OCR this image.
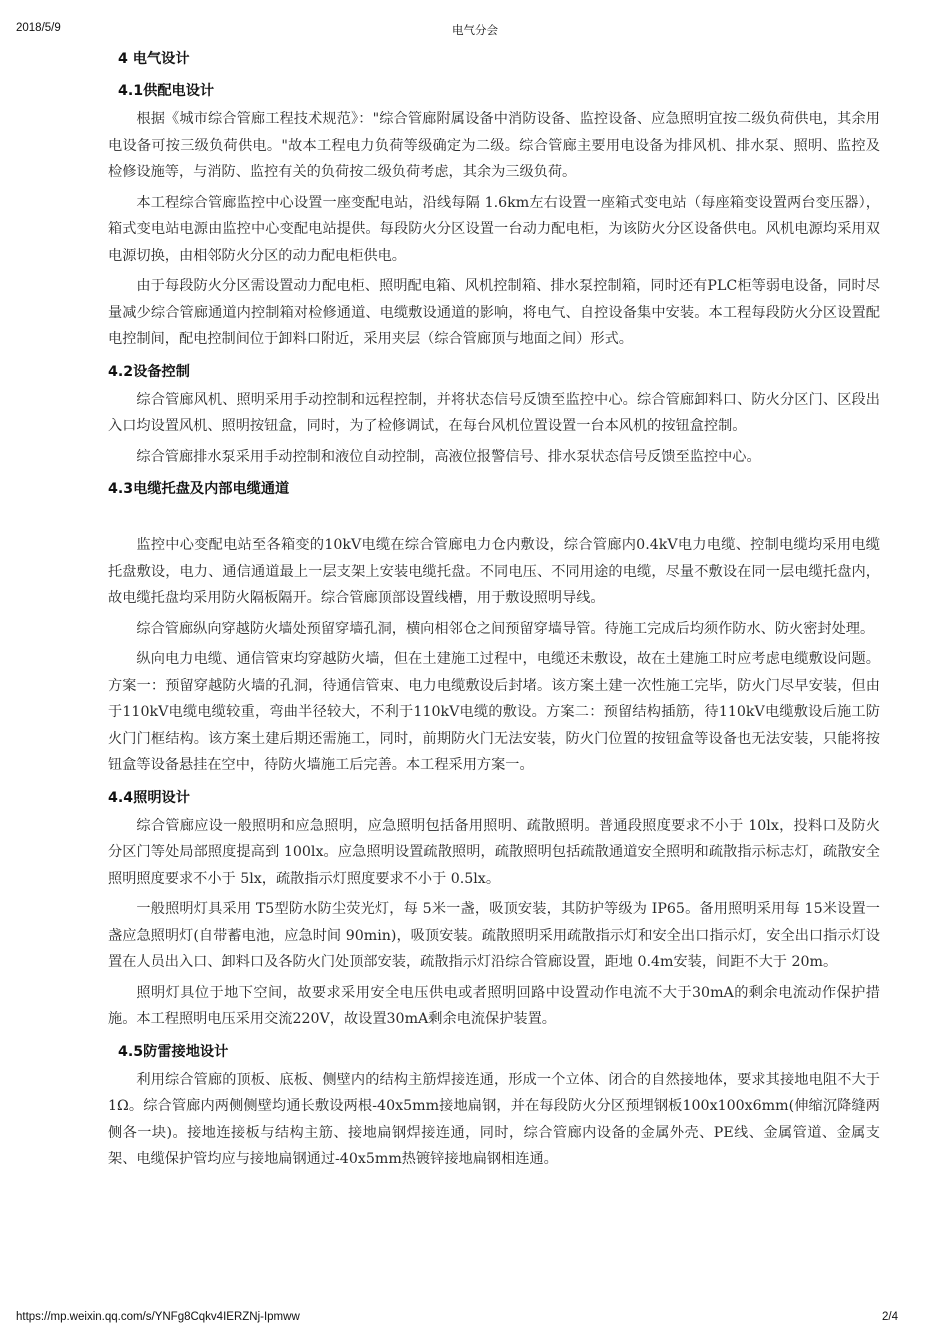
2018/5/9	电气分会
4 电气设计
4.1供配电设计

根据《城市综合管廊工程技术规范》："综合管廊附属设备中消防设备、监控设备、应急照明宜按二级负荷供电，其余用电设备可按三级负荷供电。"故本工程电力负荷等级确定为二级。综合管廊主要用电设备为排风机、排水泵、照明、监控及检修设施等，与消防、监控有关的负荷按二级负荷考虑，其余为三级负荷。

本工程综合管廊监控中心设置一座变配电站，沿线每隔 1.6km左右设置一座箱式变电站（每座箱变设置两台变压器），箱式变电站电源由监控中心变配电站提供。每段防火分区设置一台动力配电柜，为该防火分区设备供电。风机电源均采用双电源切换，由相邻防火分区的动力配电柜供电。

由于每段防火分区需设置动力配电柜、照明配电箱、风机控制箱、排水泵控制箱，同时还有PLC柜等弱电设备，同时尽量减少综合管廊通道内控制箱对检修通道、电缆敷设通道的影响，将电气、自控设备集中安装。本工程每段防火分区设置配电控制间，配电控制间位于卸料口附近，采用夹层（综合管廊顶与地面之间）形式。

4.2设备控制

综合管廊风机、照明采用手动控制和远程控制，并将状态信号反馈至监控中心。综合管廊卸料口、防火分区门、区段出入口均设置风机、照明按钮盒，同时，为了检修调试，在每台风机位置设置一台本风机的按钮盒控制。

综合管廊排水泵采用手动控制和液位自动控制，高液位报警信号、排水泵状态信号反馈至监控中心。

4.3电缆托盘及内部电缆通道

监控中心变配电站至各箱变的10kV电缆在综合管廊电力仓内敷设，综合管廊内0.4kV电力电缆、控制电缆均采用电缆托盘敷设，电力、通信通道最上一层支架上安装电缆托盘。不同电压、不同用途的电缆，尽量不敷设在同一层电缆托盘内，故电缆托盘均采用防火隔板隔开。综合管廊顶部设置线槽，用于敷设照明导线。

综合管廊纵向穿越防火墙处预留穿墙孔洞，横向相邻仓之间预留穿墙导管。待施工完成后均须作防水、防火密封处理。

纵向电力电缆、通信管束均穿越防火墙，但在土建施工过程中，电缆还未敷设，故在土建施工时应考虑电缆敷设问题。方案一：预留穿越防火墙的孔洞，待通信管束、电力电缆敷设后封堵。该方案土建一次性施工完毕，防火门尽早安装，但由于110kV电缆电缆较重，弯曲半径较大，不利于110kV电缆的敷设。方案二：预留结构插筋，待110kV电缆敷设后施工防火门门框结构。该方案土建后期还需施工，同时，前期防火门无法安装，防火门位置的按钮盒等设备也无法安装，只能将按钮盒等设备悬挂在空中，待防火墙施工后完善。本工程采用方案一。

4.4照明设计

综合管廊应设一般照明和应急照明，应急照明包括备用照明、疏散照明。普通段照度要求不小于 10lx，投料口及防火分区门等处局部照度提高到 100lx。应急照明设置疏散照明，疏散照明包括疏散通道安全照明和疏散指示标志灯，疏散安全照明照度要求不小于 5lx，疏散指示灯照度要求不小于 0.5lx。

一般照明灯具采用 T5型防水防尘荧光灯，每 5米一盏，吸顶安装，其防护等级为 IP65。备用照明采用每 15米设置一盏应急照明灯(自带蓄电池，应急时间 90min)，吸顶安装。疏散照明采用疏散指示灯和安全出口指示灯，安全出口指示灯设置在人员出入口、卸料口及各防火门处顶部安装，疏散指示灯沿综合管廊设置，距地 0.4m安装，间距不大于 20m。

照明灯具位于地下空间，故要求采用安全电压供电或者照明回路中设置动作电流不大于30mA的剩余电流动作保护措施。本工程照明电压采用交流220V，故设置30mA剩余电流保护装置。

4.5防雷接地设计

利用综合管廊的顶板、底板、侧壁内的结构主筋焊接连通，形成一个立体、闭合的自然接地体，要求其接地电阻不大于 1Ω。综合管廊内两侧侧壁均通长敷设两根-40x5mm接地扁钢，并在每段防火分区预埋钢板100x100x6mm(伸缩沉降缝两侧各一块)。接地连接板与结构主筋、接地扁钢焊接连通，同时，综合管廊内设备的金属外壳、PE线、金属管道、金属支架、电缆保护管均应与接地扁钢通过-40x5mm热镀锌接地扁钢相连通。

https://mp.weixin.qq.com/s/YNFg8Cqkv4IERZNj-Ipmww	2/4
